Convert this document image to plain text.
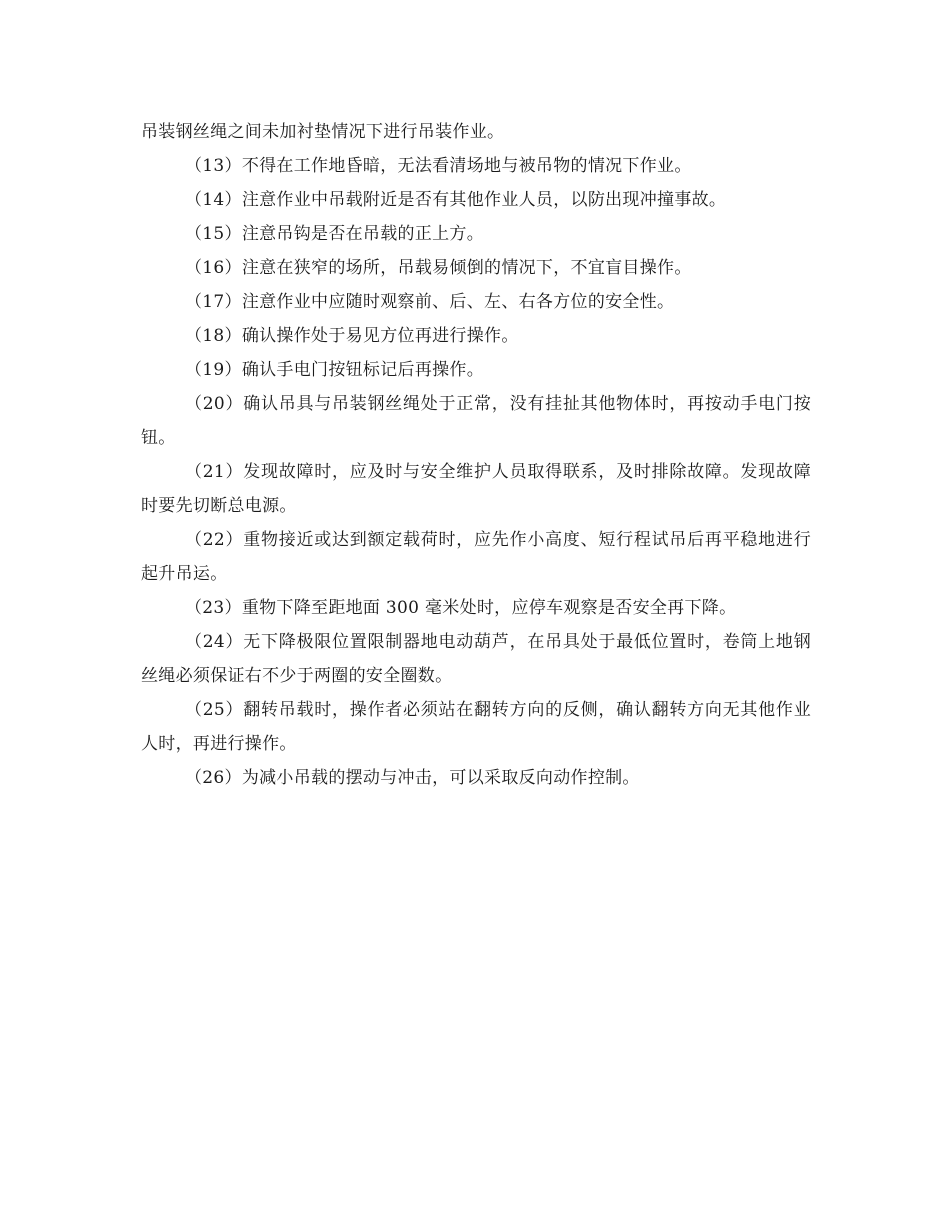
吊装钢丝绳之间未加衬垫情况下进行吊装作业。

（13）不得在工作地昏暗，无法看清场地与被吊物的情况下作业。

（14）注意作业中吊载附近是否有其他作业人员，以防出现冲撞事故。

（15）注意吊钩是否在吊载的正上方。

（16）注意在狭窄的场所，吊载易倾倒的情况下，不宜盲目操作。

（17）注意作业中应随时观察前、后、左、右各方位的安全性。

（18）确认操作处于易见方位再进行操作。

（19）确认手电门按钮标记后再操作。

（20）确认吊具与吊装钢丝绳处于正常，没有挂扯其他物体时，再按动手电门按钮。

（21）发现故障时，应及时与安全维护人员取得联系，及时排除故障。发现故障时要先切断总电源。

（22）重物接近或达到额定载荷时，应先作小高度、短行程试吊后再平稳地进行起升吊运。

（23）重物下降至距地面 300 毫米处时，应停车观察是否安全再下降。

（24）无下降极限位置限制器地电动葫芦，在吊具处于最低位置时，卷筒上地钢丝绳必须保证右不少于两圈的安全圈数。

（25）翻转吊载时，操作者必须站在翻转方向的反侧，确认翻转方向无其他作业人时，再进行操作。

（26）为减小吊载的摆动与冲击，可以采取反向动作控制。
